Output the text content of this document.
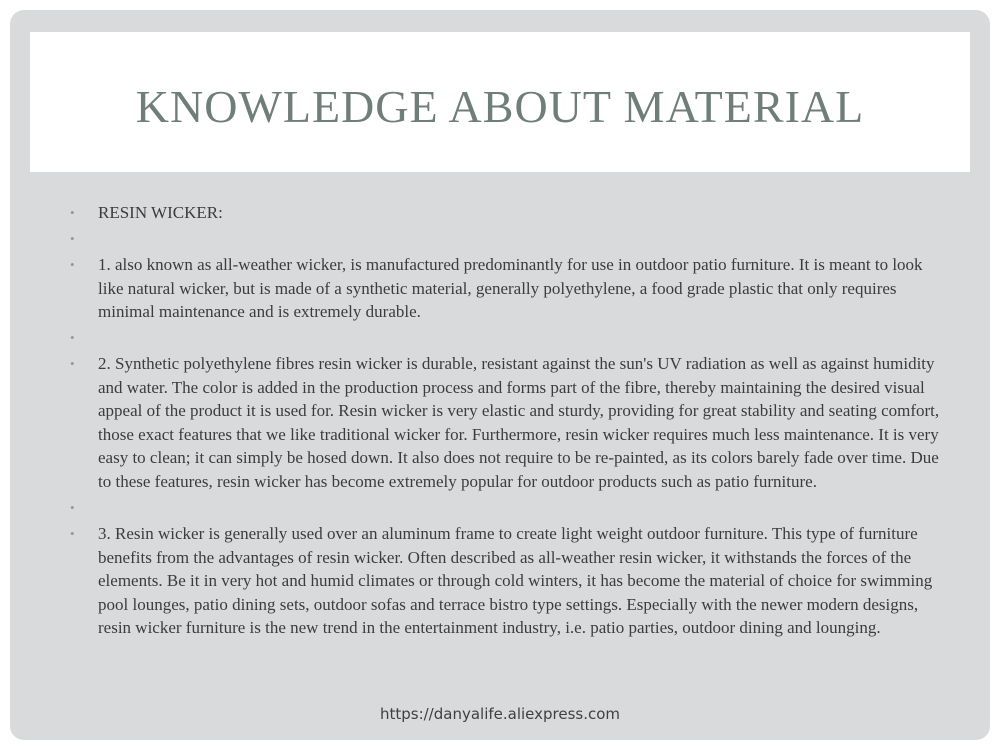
KNOWLEDGE ABOUT MATERIAL
•	RESIN WICKER:
•
•	1. also known as all-weather wicker, is manufactured predominantly for use in outdoor patio furniture. It is meant to look like natural wicker, but is made of a synthetic material, generally polyethylene, a food grade plastic that only requires minimal maintenance and is extremely durable.
•
•	2. Synthetic polyethylene fibres resin wicker is durable, resistant against the sun's UV radiation as well as against humidity and water. The color is added in the production process and forms part of the fibre, thereby maintaining the desired visual appeal of the product it is used for. Resin wicker is very elastic and sturdy, providing for great stability and seating comfort, those exact features that we like traditional wicker for. Furthermore, resin wicker requires much less maintenance. It is very easy to clean; it can simply be hosed down. It also does not require to be re-painted, as its colors barely fade over time. Due to these features, resin wicker has become extremely popular for outdoor products such as patio furniture.
•
•	3. Resin wicker is generally used over an aluminum frame to create light weight outdoor furniture. This type of furniture benefits from the advantages of resin wicker. Often described as all-weather resin wicker, it withstands the forces of the elements. Be it in very hot and humid climates or through cold winters, it has become the material of choice for swimming pool lounges, patio dining sets, outdoor sofas and terrace bistro type settings. Especially with the newer modern designs, resin wicker furniture is the new trend in the entertainment industry, i.e. patio parties, outdoor dining and lounging.
https://danyalife.aliexpress.com
